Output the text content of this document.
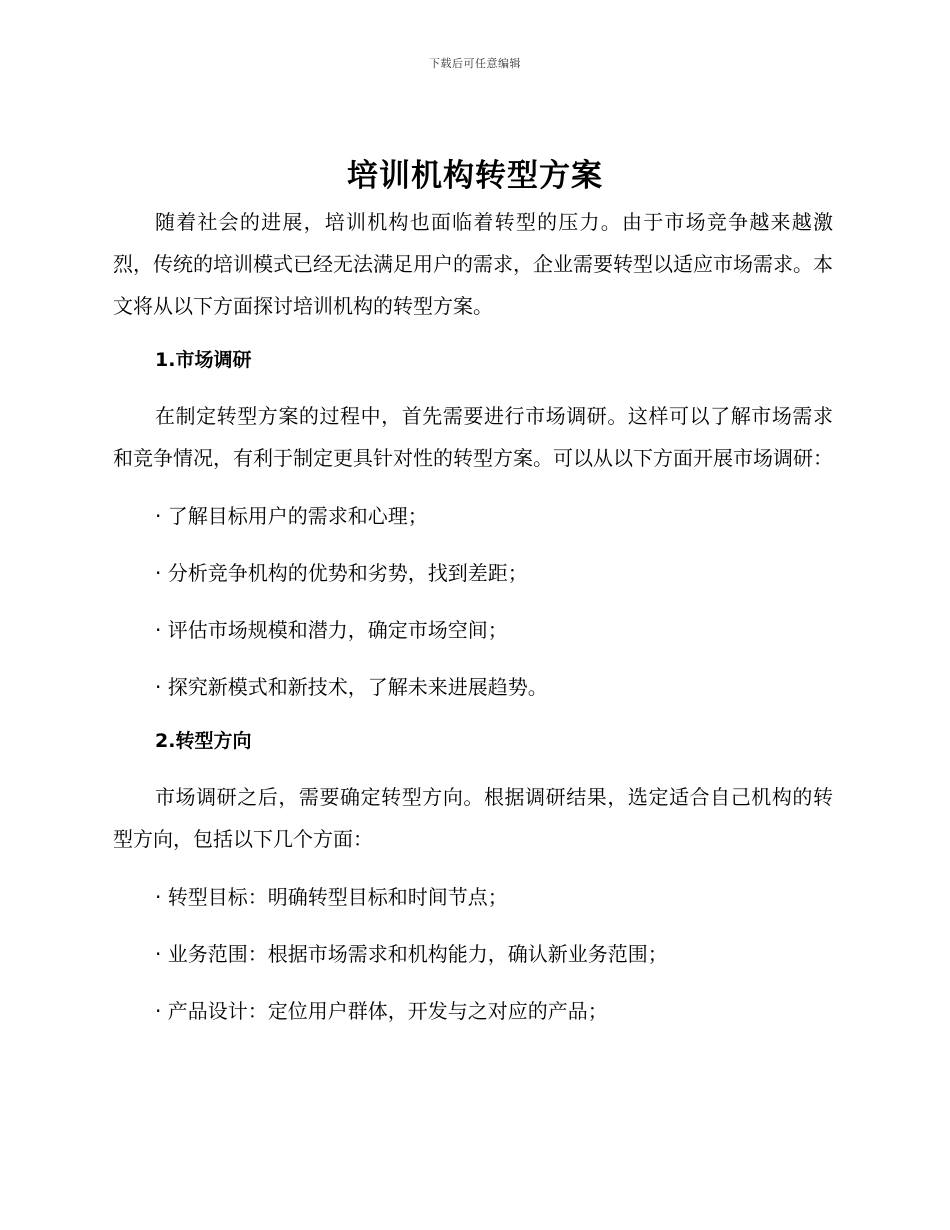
下载后可任意编辑
培训机构转型方案

随着社会的进展，培训机构也面临着转型的压力。由于市场竞争越来越激烈，传统的培训模式已经无法满足用户的需求，企业需要转型以适应市场需求。本文将从以下方面探讨培训机构的转型方案。

1.市场调研

在制定转型方案的过程中，首先需要进行市场调研。这样可以了解市场需求和竞争情况，有利于制定更具针对性的转型方案。可以从以下方面开展市场调研：

· 了解目标用户的需求和心理；
· 分析竞争机构的优势和劣势，找到差距；
· 评估市场规模和潜力，确定市场空间；
· 探究新模式和新技术，了解未来进展趋势。
2.转型方向

市场调研之后，需要确定转型方向。根据调研结果，选定适合自己机构的转型方向，包括以下几个方面：

· 转型目标：明确转型目标和时间节点；
· 业务范围：根据市场需求和机构能力，确认新业务范围；
· 产品设计：定位用户群体，开发与之对应的产品；
